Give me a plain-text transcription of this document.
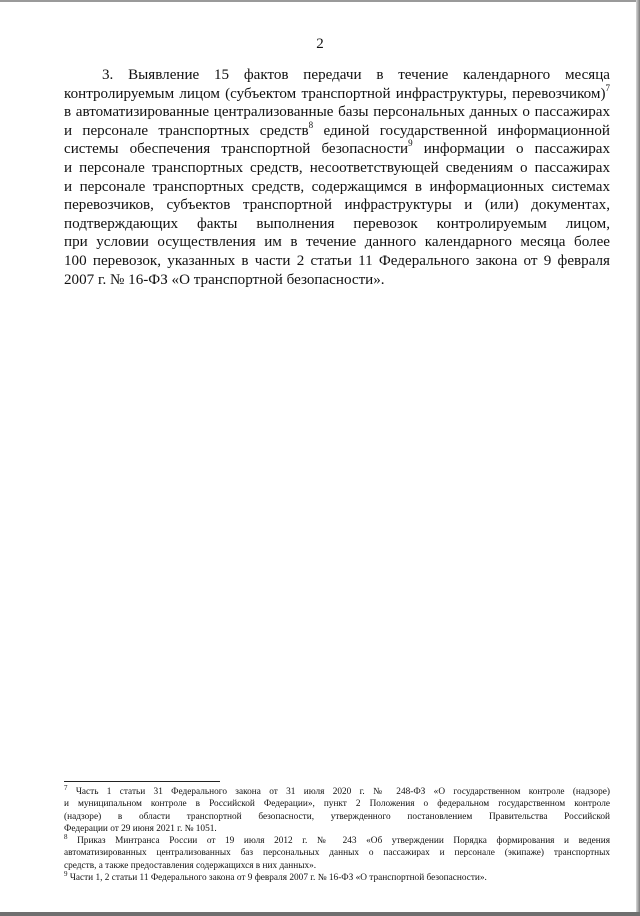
2
3. Выявление 15 фактов передачи в течение календарного месяца
контролируемым лицом (субъектом транспортной инфраструктуры, перевозчиком)$^7$
в автоматизированные централизованные базы персональных данных о пассажирах
и персонале транспортных средств$^8$ единой государственной информационной
системы обеспечения транспортной безопасности$^9$ информации о пассажирах
и персонале транспортных средств, несоответствующей сведениям о пассажирах
и персонале транспортных средств, содержащимся в информационных системах
перевозчиков, субъектов транспортной инфраструктуры и (или) документах,
подтверждающих факты выполнения перевозок контролируемым лицом,
при условии осуществления им в течение данного календарного месяца более
100 перевозок, указанных в части 2 статьи 11 Федерального закона от 9 февраля
2007 г. № 16-ФЗ «О транспортной безопасности».
$^7$ Часть 1 статьи 31 Федерального закона от 31 июля 2020 г. № 248-ФЗ «О государственном контроле (надзоре)
и муниципальном контроле в Российской Федерации», пункт 2 Положения о федеральном государственном контроле
(надзоре) в области транспортной безопасности, утвержденного постановлением Правительства Российской
Федерации от 29 июня 2021 г. № 1051.
$^8$ Приказ Минтранса России от 19 июля 2012 г. № 243 «Об утверждении Порядка формирования и ведения
автоматизированных централизованных баз персональных данных о пассажирах и персонале (экипаже) транспортных
средств, а также предоставления содержащихся в них данных».
$^9$ Части 1, 2 статьи 11 Федерального закона от 9 февраля 2007 г. № 16-ФЗ «О транспортной безопасности».
